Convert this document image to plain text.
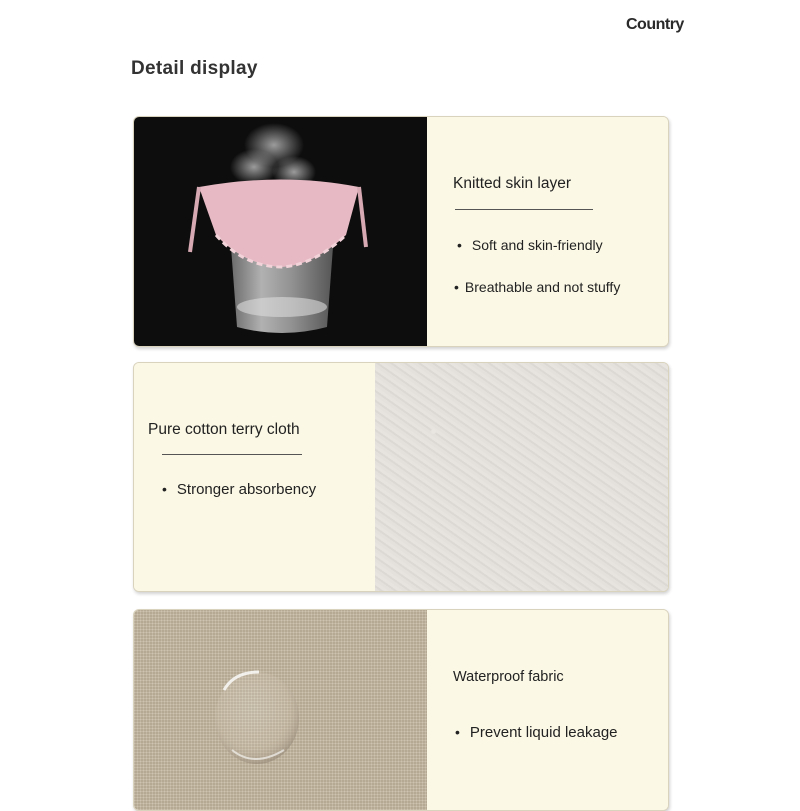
Country
Detail display
Knitted skin layer
• Soft and skin-friendly
• Breathable and not stuffy
Pure cotton terry cloth
• Stronger absorbency
Waterproof fabric
• Prevent liquid leakage
